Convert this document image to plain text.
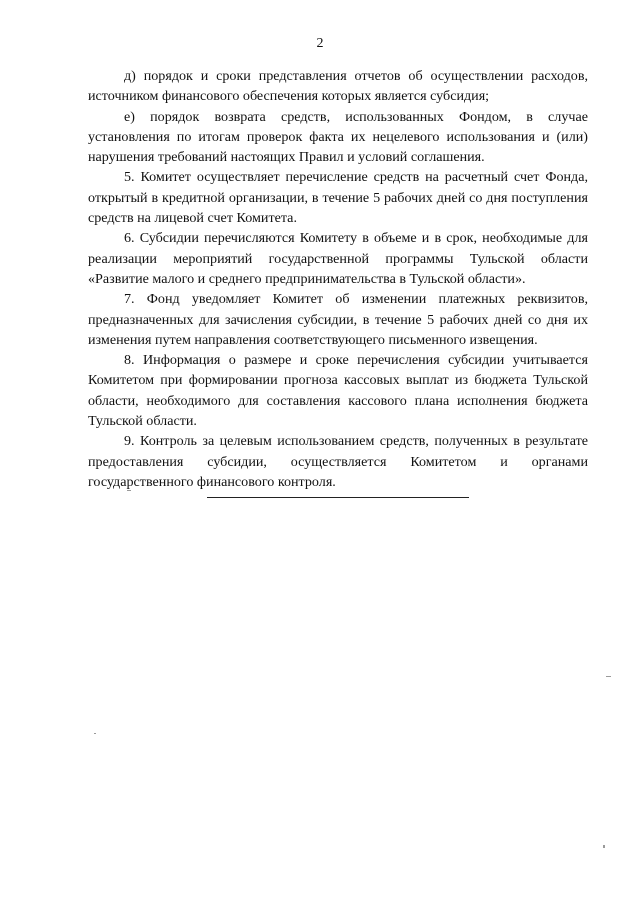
2

д) порядок и сроки представления отчетов об осуществлении расходов, источником финансового обеспечения которых является субсидия;

е) порядок возврата средств, использованных Фондом, в случае установления по итогам проверок факта их нецелевого использования и (или) нарушения требований настоящих Правил и условий соглашения.

5. Комитет осуществляет перечисление средств на расчетный счет Фонда, открытый в кредитной организации, в течение 5 рабочих дней со дня поступления средств на лицевой счет Комитета.

6. Субсидии перечисляются Комитету в объеме и в срок, необходимые для реализации мероприятий государственной программы Тульской области «Развитие малого и среднего предпринимательства в Тульской области».

7. Фонд уведомляет Комитет об изменении платежных реквизитов, предназначенных для зачисления субсидии, в течение 5 рабочих дней со дня их изменения путем направления соответствующего письменного извещения.

8. Информация о размере и сроке перечисления субсидии учитывается Комитетом при формировании прогноза кассовых выплат из бюджета Тульской области, необходимого для составления кассового плана исполнения бюджета Тульской области.

9. Контроль за целевым использованием средств, полученных в результате предоставления субсидии, осуществляется Комитетом и органами государственного финансового контроля.
